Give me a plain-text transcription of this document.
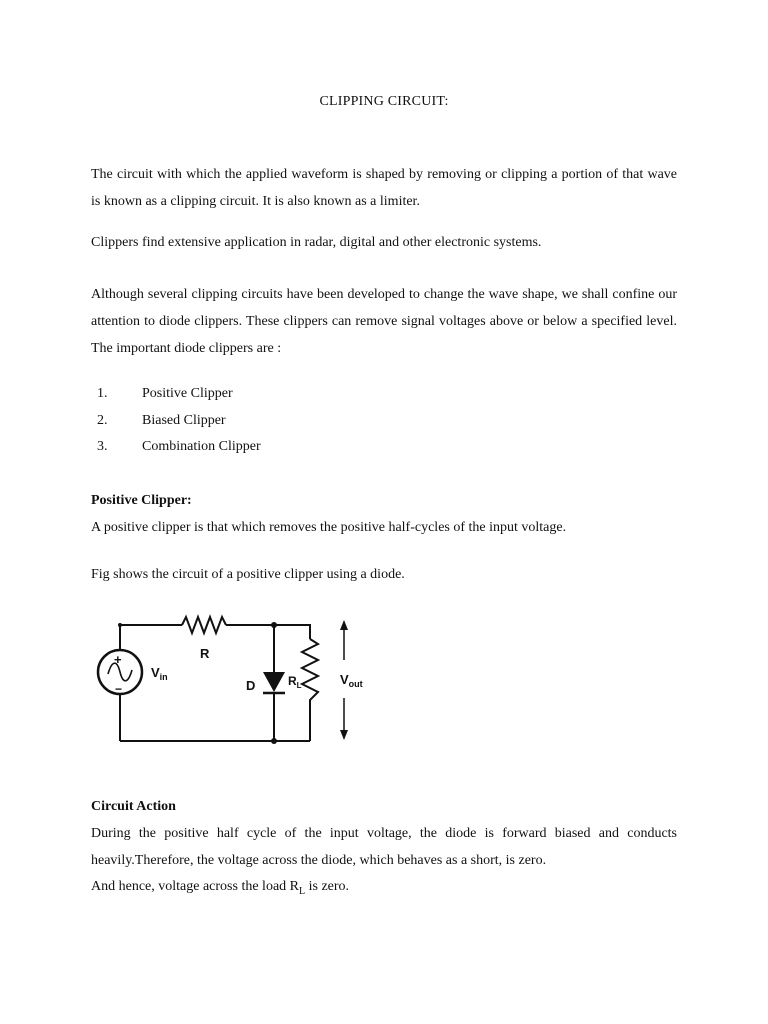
CLIPPING CIRCUIT:

The circuit with which the applied waveform is shaped by removing or clipping a portion of that wave is known as a clipping circuit. It is also known as a limiter.

Clippers find extensive application in radar, digital and other electronic systems.

Although several clipping circuits have been developed to change the wave shape, we shall confine our attention to diode clippers. These clippers can remove signal voltages above or below a specified level. The important diode clippers are :

1.	Positive Clipper
2.	Biased Clipper
3.	Combination Clipper

Positive Clipper:

A positive clipper is that which removes the positive half-cycles of the input voltage.

Fig shows the circuit of a positive clipper using a diode.

+
−
$V_{in}$
R
D	$R_L$	$V_{out}$

Circuit Action

During the positive half cycle of the input voltage, the diode is forward biased and conducts heavily.Therefore, the voltage across the diode, which behaves as a short, is zero.

And hence, voltage across the load $R_L$ is zero.
